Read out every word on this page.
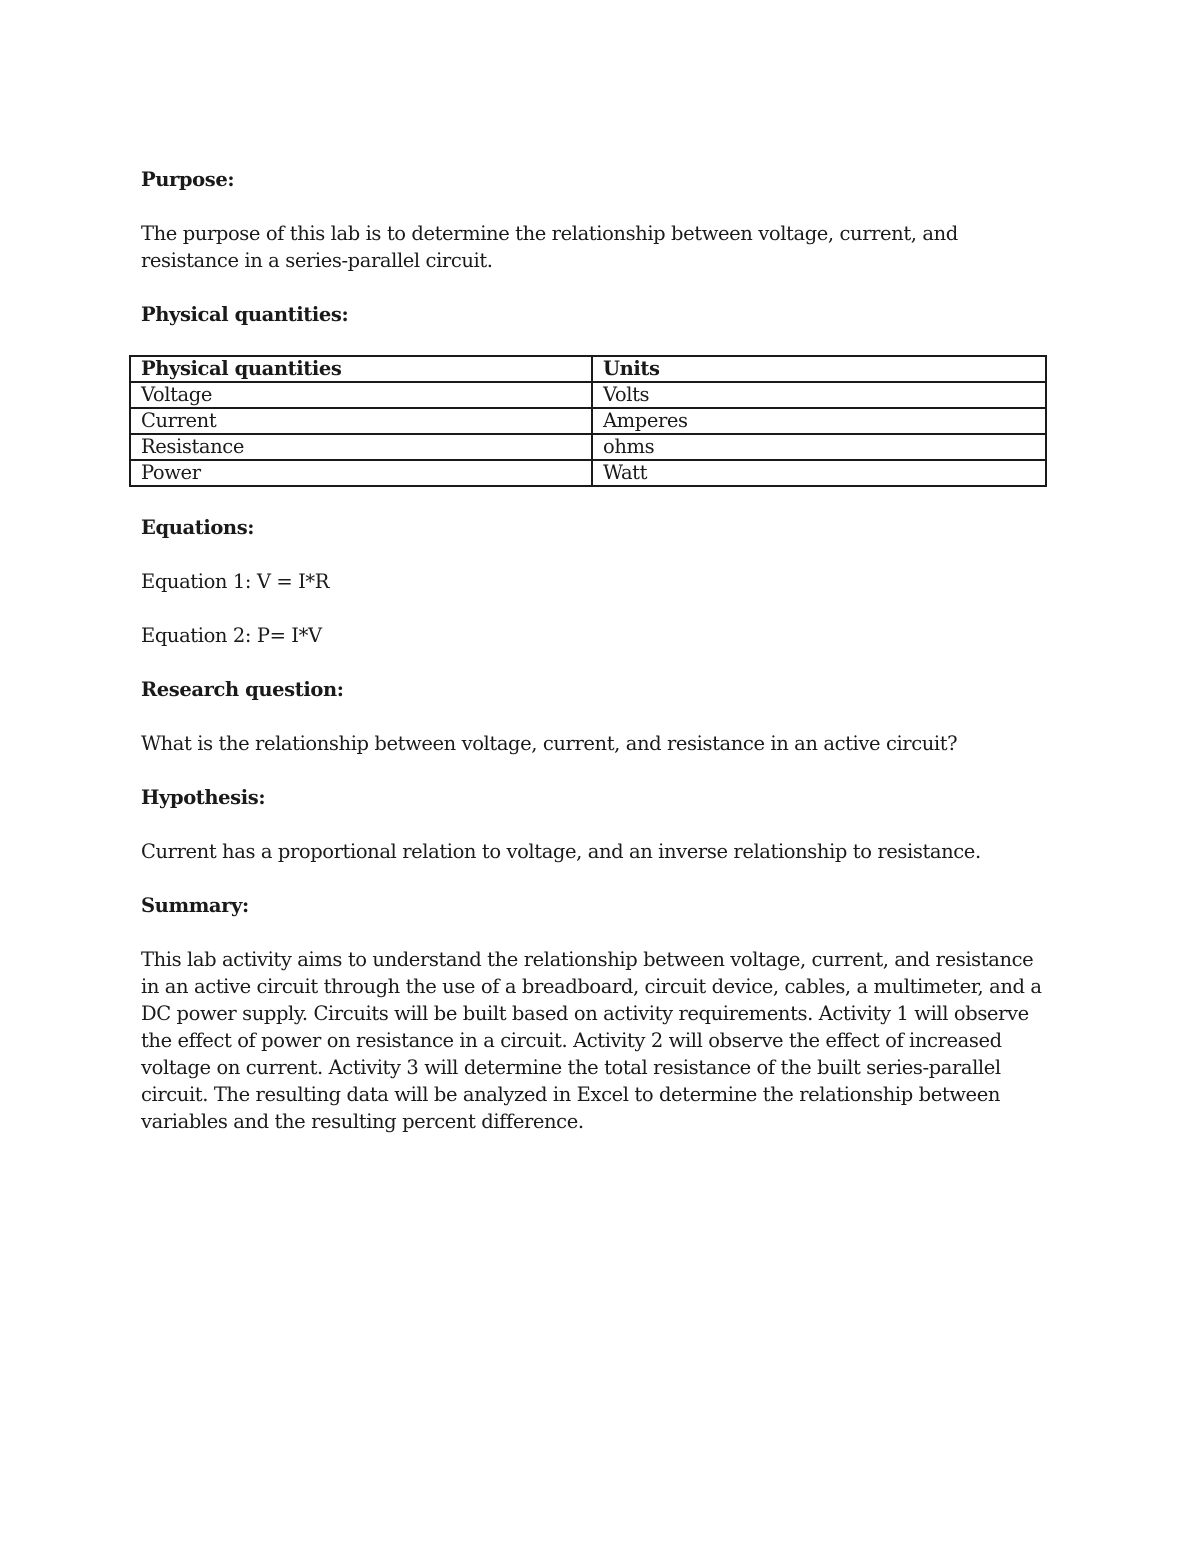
Purpose:

The purpose of this lab is to determine the relationship between voltage, current, and resistance in a series-parallel circuit.

Physical quantities:

Physical quantities	Units
Voltage	Volts
Current	Amperes
Resistance	ohms
Power	Watt

Equations:

Equation 1: V = I*R

Equation 2: P= I*V

Research question:

What is the relationship between voltage, current, and resistance in an active circuit?

Hypothesis:

Current has a proportional relation to voltage, and an inverse relationship to resistance.

Summary:

This lab activity aims to understand the relationship between voltage, current, and resistance in an active circuit through the use of a breadboard, circuit device, cables, a multimeter, and a DC power supply. Circuits will be built based on activity requirements. Activity 1 will observe the effect of power on resistance in a circuit. Activity 2 will observe the effect of increased voltage on current. Activity 3 will determine the total resistance of the built series-parallel circuit. The resulting data will be analyzed in Excel to determine the relationship between variables and the resulting percent difference.
